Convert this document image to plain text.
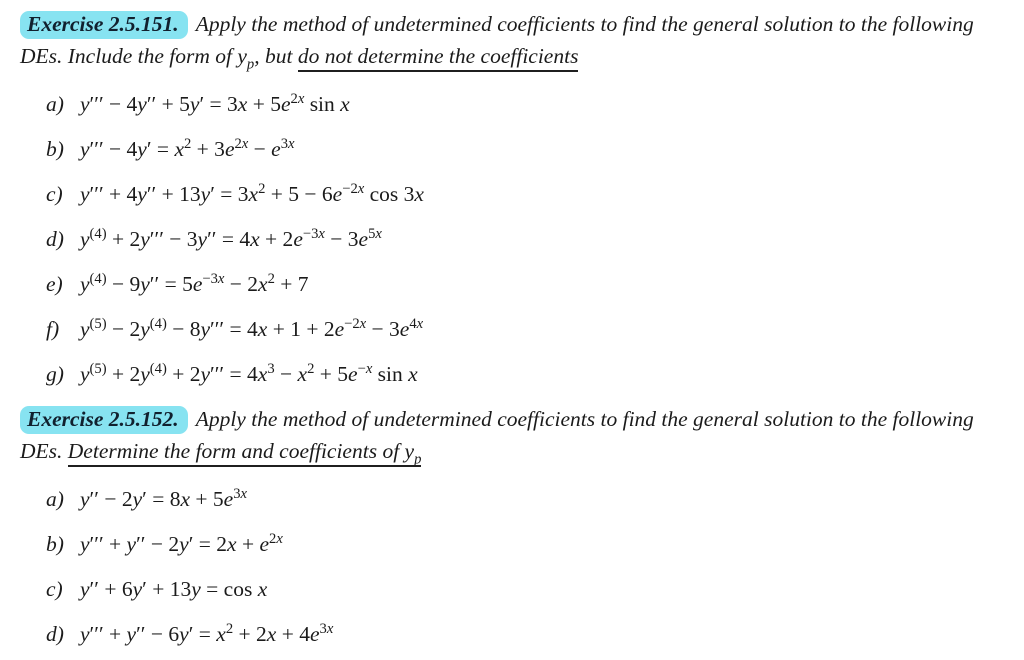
Exercise 2.5.151. Apply the method of undetermined coefficients to find the general solution to the following DEs. Include the form of $y_p$, but do not determine the coefficients

a) $y''' - 4y'' + 5y' = 3x + 5e^{2x}$ sin x
b) $y''' - 4y' = x^2 + 3e^{2x} - e^{3x}$
c) $y''' + 4y'' + 13y' = 3x^2 + 5 - 6e^{-2x}$ cos 3x
d) $y^{(4)} + 2y''' - 3y'' = 4x + 2e^{-3x} - 3e^{5x}$
e) $y^{(4)} - 9y'' = 5e^{-3x} - 2x^2 + 7$
f) $y^{(5)} - 2y^{(4)} - 8y''' = 4x + 1 + 2e^{-2x} - 3e^{4x}$
g) $y^{(5)} + 2y^{(4)} + 2y''' = 4x^3 - x^2 + 5e^{-x}$ sin x

Exercise 2.5.152. Apply the method of undetermined coefficients to find the general solution to the following DEs. Determine the form and coefficients of $y_p$

a) $y'' - 2y' = 8x + 5e^{3x}$
b) $y''' + y'' - 2y' = 2x + e^{2x}$
c) y′′ + 6y′ + 13y = cos x
d) $y''' + y'' - 6y' = x^2 + 2x + 4e^{3x}$
